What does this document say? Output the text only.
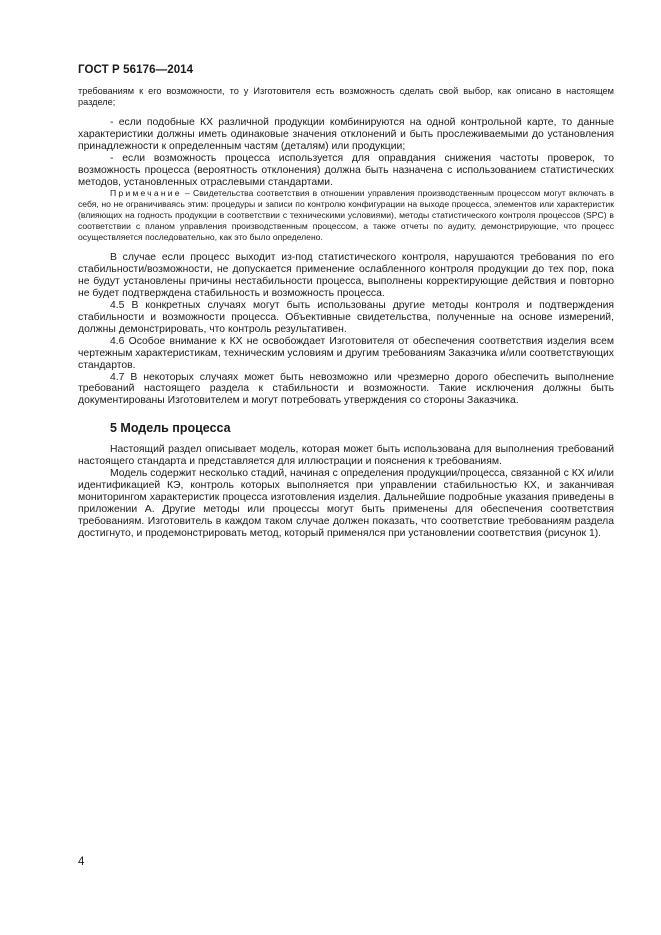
ГОСТ Р 56176—2014

требованиям к его возможности, то у Изготовителя есть возможность сделать свой выбор, как описано в настоящем разделе;

- если подобные КХ различной продукции комбинируются на одной контрольной карте, то данные характеристики должны иметь одинаковые значения отклонений и быть прослеживаемыми до установления принадлежности к определенным частям (деталям) или продукции;

- если возможность процесса используется для оправдания снижения частоты проверок, то возможность процесса (вероятность отклонения) должна быть назначена с использованием статистических методов, установленных отраслевыми стандартами.

Примечание – Свидетельства соответствия в отношении управления производственным процессом могут включать в себя, но не ограничиваясь этим: процедуры и записи по контролю конфигурации на выходе процесса, элементов или характеристик (влияющих на годность продукции в соответствии с техническими условиями), методы статистического контроля процессов (SPC) в соответствии с планом управления производственным процессом, а также отчеты по аудиту, демонстрирующие, что процесс осуществляется последовательно, как это было определено.

В случае если процесс выходит из-под статистического контроля, нарушаются требования по его стабильности/возможности, не допускается применение ослабленного контроля продукции до тех пор, пока не будут установлены причины нестабильности процесса, выполнены корректирующие действия и повторно не будет подтверждена стабильность и возможность процесса.

4.5 В конкретных случаях могут быть использованы другие методы контроля и подтверждения стабильности и возможности процесса. Объективные свидетельства, полученные на основе измерений, должны демонстрировать, что контроль результативен.

4.6 Особое внимание к КХ не освобождает Изготовителя от обеспечения соответствия изделия всем чертежным характеристикам, техническим условиям и другим требованиям Заказчика и/или соответствующих стандартов.

4.7 В некоторых случаях может быть невозможно или чрезмерно дорого обеспечить выполнение требований настоящего раздела к стабильности и возможности. Такие исключения должны быть документированы Изготовителем и могут потребовать утверждения со стороны Заказчика.

5 Модель процесса

Настоящий раздел описывает модель, которая может быть использована для выполнения требований настоящего стандарта и представляется для иллюстрации и пояснения к требованиям.

Модель содержит несколько стадий, начиная с определения продукции/процесса, связанной с КХ и/или идентификацией КЭ, контроль которых выполняется при управлении стабильностью КХ, и заканчивая мониторингом характеристик процесса изготовления изделия. Дальнейшие подробные указания приведены в приложении А. Другие методы или процессы могут быть применены для обеспечения соответствия требованиям. Изготовитель в каждом таком случае должен показать, что соответствие требованиям раздела достигнуто, и продемонстрировать метод, который применялся при установлении соответствия (рисунок 1).

4
